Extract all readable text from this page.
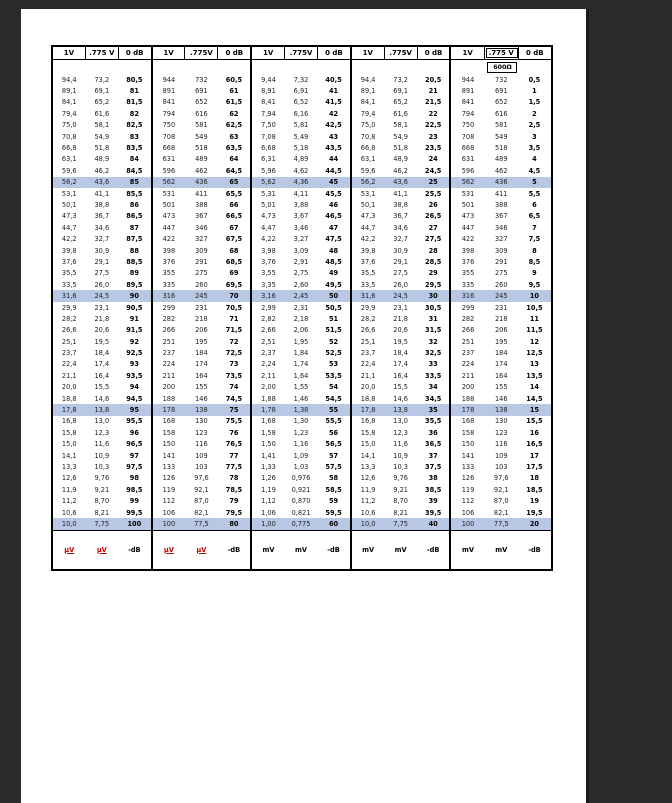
1V	.775 V	0 dB
94,4	73,2	80,5
89,1	69,1	81
84,1	65,2	81,5
79,4	61,6	82
75,0	58,1	82,5
70,8	54,9	83
66,8	51,8	83,5
63,1	48,9	84
59,6	46,2	84,5
56,2	43,6	85
53,1	41,1	85,5
50,1	38,8	86
47,3	36,7	86,5
44,7	34,6	87
42,2	32,7	87,5
39,8	30,9	88
37,6	29,1	88,5
35,5	27,5	89
33,5	26,0	89,5
31,6	24,5	90
29,9	23,1	90,5
28,2	21,8	91
26,6	20,6	91,5
25,1	19,5	92
23,7	18,4	92,5
22,4	17,4	93
21,1	16,4	93,5
20,0	15,5	94
18,8	14,6	94,5
17,8	13,8	95
16,8	13,0	95,5
15,8	12,3	96
15,0	11,6	96,5
14,1	10,9	97
13,3	10,3	97,5
12,6	9,76	98
11,9	9,21	98,5
11,2	8,70	99
10,6	8,21	99,5
10,0	7,75	100
µV	µV	-dB
1V	.775V	0 dB
944	732	60,5
891	691	61
841	652	61,5
794	616	62
750	581	62,5
708	549	63
668	518	63,5
631	489	64
596	462	64,5
562	436	65
531	411	65,5
501	388	66
473	367	66,5
447	346	67
422	327	67,5
398	309	68
376	291	68,5
355	275	69
335	260	69,5
316	245	70
299	231	70,5
282	218	71
266	206	71,5
251	195	72
237	184	72,5
224	174	73
211	164	73,5
200	155	74
188	146	74,5
178	138	75
168	130	75,5
158	123	76
150	116	76,5
141	109	77
133	103	77,5
126	97,6	78
119	92,1	78,5
112	87,0	79
106	82,1	79,5
100	77,5	80
µV	µV	-dB
1V	.775V	0 dB
9,44	7,32	40,5
8,91	6,91	41
8,41	6,52	41,5
7,94	6,16	42
7,50	5,81	42,5
7,08	5,49	43
6,68	5,18	43,5
6,31	4,89	44
5,96	4,62	44,5
5,62	4,36	45
5,31	4,11	45,5
5,01	3,88	46
4,73	3,67	46,5
4,47	3,46	47
4,22	3,27	47,5
3,98	3,09	48
3,76	2,91	48,5
3,55	2,75	49
3,35	2,60	49,5
3,16	2,45	50
2,99	2,31	50,5
2,82	2,18	51
2,66	2,06	51,5
2,51	1,95	52
2,37	1,84	52,5
2,24	1,74	53
2,11	1,64	53,5
2,00	1,55	54
1,88	1,46	54,5
1,78	1,38	55
1,68	1,30	55,5
1,58	1,23	56
1,50	1,16	56,5
1,41	1,09	57
1,33	1,03	57,5
1,26	0,976	58
1,19	0,921	58,5
1,12	0,870	59
1,06	0,821	59,5
1,00	0,775	60
mV	mV	-dB
1V	.775V	0 dB
94,4	73,2	20,5
89,1	69,1	21
84,1	65,2	21,5
79,4	61,6	22
75,0	58,1	22,5
70,8	54,9	23
66,8	51,8	23,5
63,1	48,9	24
59,6	46,2	24,5
56,2	43,6	25
53,1	41,1	25,5
50,1	38,8	26
47,3	36,7	26,5
44,7	34,6	27
42,2	32,7	27,5
39,8	30,9	28
37,6	29,1	28,5
35,5	27,5	29
33,5	26,0	29,5
31,6	24,5	30
29,9	23,1	30,5
28,2	21,8	31
26,6	20,6	31,5
25,1	19,5	32
23,7	18,4	32,5
22,4	17,4	33
21,1	16,4	33,5
20,0	15,5	34
18,8	14,6	34,5
17,8	13,8	35
16,8	13,0	35,5
15,8	12,3	36
15,0	11,6	36,5
14,1	10,9	37
13,3	10,3	37,5
12,6	9,76	38
11,9	9,21	38,5
11,2	8,70	39
10,6	8,21	39,5
10,0	7,75	40
mV	mV	-dB
1V	.775 V	0 dB
600Ω
944	732	0,5
891	691	1
841	652	1,5
794	616	2
750	581	2,5
708	549	3
668	518	3,5
631	489	4
596	462	4,5
562	436	5
531	411	5,5
501	388	6
473	367	6,5
447	346	7
422	327	7,5
398	309	8
376	291	8,5
355	275	9
335	260	9,5
316	245	10
299	231	10,5
282	218	11
266	206	11,5
251	195	12
237	184	12,5
224	174	13
211	164	13,5
200	155	14
188	146	14,5
178	138	15
168	130	15,5
158	123	16
150	116	16,5
141	109	17
133	103	17,5
126	97,6	18
119	92,1	18,5
112	87,0	19
106	82,1	19,5
100	77,5	20
mV	mV	-dB
